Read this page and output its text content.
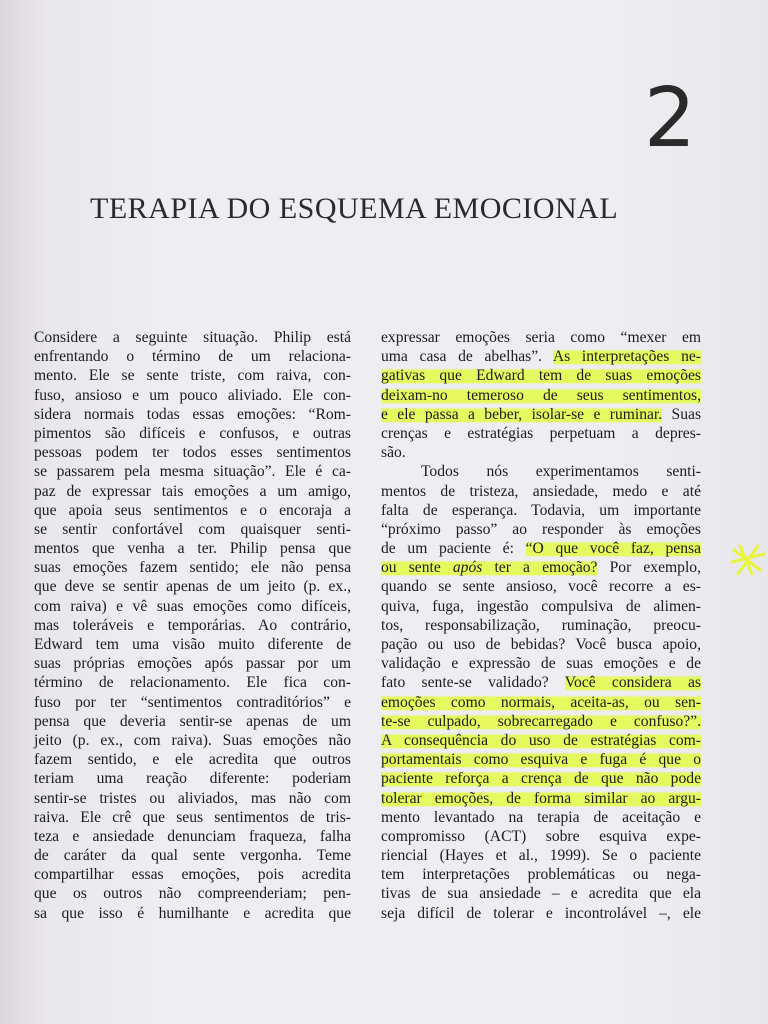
2
TERAPIA DO ESQUEMA EMOCIONAL
Considere a seguinte situação. Philip está
enfrentando o término de um relaciona-
mento. Ele se sente triste, com raiva, con-
fuso, ansioso e um pouco aliviado. Ele con-
sidera normais todas essas emoções: “Rom-
pimentos são difíceis e confusos, e outras
pessoas podem ter todos esses sentimentos
se passarem pela mesma situação”. Ele é ca-
paz de expressar tais emoções a um amigo,
que apoia seus sentimentos e o encoraja a
se sentir confortável com quaisquer senti-
mentos que venha a ter. Philip pensa que
suas emoções fazem sentido; ele não pensa
que deve se sentir apenas de um jeito (p. ex.,
com raiva) e vê suas emoções como difíceis,
mas toleráveis e temporárias. Ao contrário,
Edward tem uma visão muito diferente de
suas próprias emoções após passar por um
término de relacionamento. Ele fica con-
fuso por ter “sentimentos contraditórios” e
pensa que deveria sentir-se apenas de um
jeito (p. ex., com raiva). Suas emoções não
fazem sentido, e ele acredita que outros
teriam uma reação diferente: poderiam
sentir-se tristes ou aliviados, mas não com
raiva. Ele crê que seus sentimentos de tris-
teza e ansiedade denunciam fraqueza, falha
de caráter da qual sente vergonha. Teme
compartilhar essas emoções, pois acredita
que os outros não compreenderiam; pen-
sa que isso é humilhante e acredita que
expressar emoções seria como “mexer em
uma casa de abelhas”. As interpretações ne-
gativas que Edward tem de suas emoções
deixam-no temeroso de seus sentimentos,
e ele passa a beber, isolar-se e ruminar. Suas
crenças e estratégias perpetuam a depres-
são.
Todos nós experimentamos senti-
mentos de tristeza, ansiedade, medo e até
falta de esperança. Todavia, um importante
“próximo passo” ao responder às emoções
de um paciente é: “O que você faz, pensa
ou sente após ter a emoção? Por exemplo,
quando se sente ansioso, você recorre a es-
quiva, fuga, ingestão compulsiva de alimen-
tos, responsabilização, ruminação, preocu-
pação ou uso de bebidas? Você busca apoio,
validação e expressão de suas emoções e de
fato sente-se validado? Você considera as
emoções como normais, aceita-as, ou sen-
te-se culpado, sobrecarregado e confuso?”.
A consequência do uso de estratégias com-
portamentais como esquiva e fuga é que o
paciente reforça a crença de que não pode
tolerar emoções, de forma similar ao argu-
mento levantado na terapia de aceitação e
compromisso (ACT) sobre esquiva expe-
riencial (Hayes et al., 1999). Se o paciente
tem interpretações problemáticas ou nega-
tivas de sua ansiedade – e acredita que ela
seja difícil de tolerar e incontrolável –, ele
